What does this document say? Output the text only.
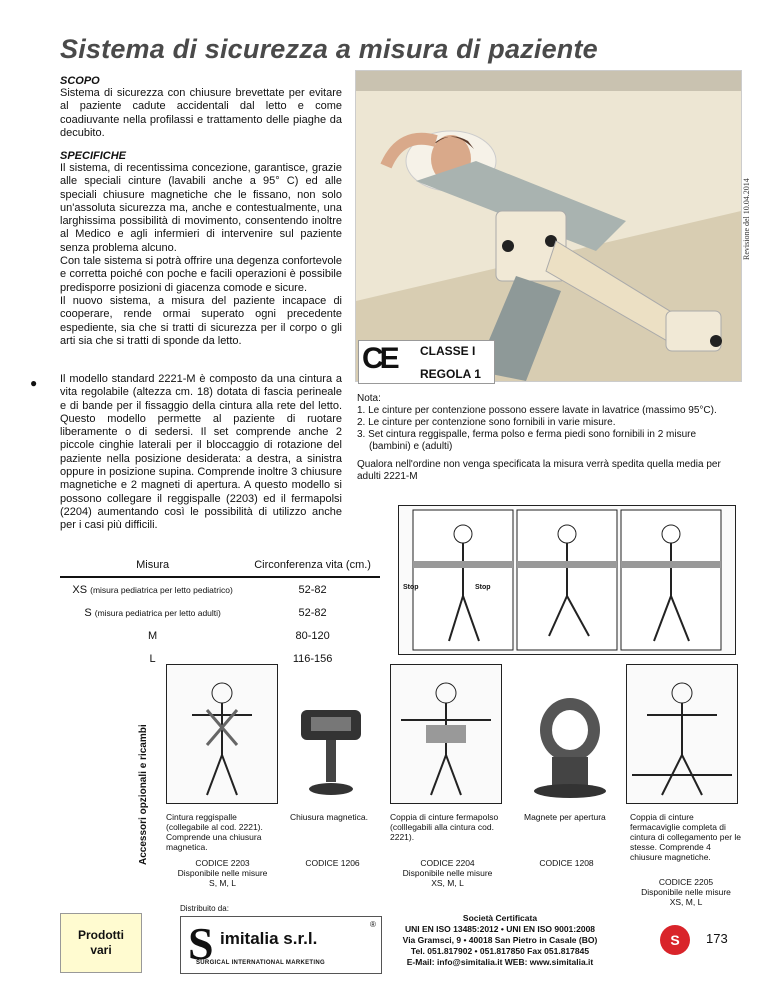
Sistema di sicurezza a misura di paziente
SCOPO
Sistema di sicurezza con chiusure brevettate per evitare al paziente cadute accidentali dal letto e come coadiuvante nella profilassi e trattamento delle piaghe da decubito.
SPECIFICHE
Il sistema, di recentissima concezione, garantisce, grazie alle speciali cinture (lavabili anche a 95° C) ed alle speciali chiusure magnetiche che le fissano, non solo un'assoluta sicurezza ma, anche e contestualmente, una larghissima possibilità di movimento, consentendo inoltre al Medico e agli infermieri di intervenire sul paziente senza problema alcuno.
Con tale sistema si potrà offrire una degenza confortevole e corretta poiché con poche e facili operazioni è possibile predisporre posizioni di giacenza comode e sicure.
Il nuovo sistema, a misura del paziente incapace di cooperare, rende ormai superato ogni precedente espediente, sia che si tratti di sicurezza per il corpo o gli arti sia che si tratti di sponde da letto.
● Il modello standard 2221-M è composto da una cintura a vita regolabile (altezza cm. 18) dotata di fascia perineale e di bande per il fissaggio della cintura alla rete del letto. Questo modello permette al paziente di ruotare liberamente o di sedersi. Il set comprende anche 2 piccole cinghie laterali per il bloccaggio di rotazione del paziente nella posizione desiderata: a destra, a sinistra oppure in posizione supina. Comprende inoltre 3 chiusure magnetiche e 2 magneti di apertura. A questo modello si possono collegare il reggispalle (2203) ed il fermapolsi (2204) aumentando così le possibilità di utilizzo anche per i casi più difficili.
Revisione del 10.04.2014
CE CLASSE I
REGOLA 1
Nota:
1. Le cinture per contenzione possono essere lavate in lavatrice (massimo 95°C).
2. Le cinture per contenzione sono fornibili in varie misure.
3. Set cintura reggispalle, ferma polso e ferma piedi sono fornibili in 2 misure
(bambini) e (adulti)
Qualora nell'ordine non venga specificata la misura verrà spedita quella media per adulti 2221-M
Stop	Stop
Misura	Circonferenza vita (cm.)
XS (misura pediatrica per letto pediatrico)	52-82
S (misura pediatrica per letto adulti)	52-82
M	80-120
L	116-156
Accessori opzionali e ricambi Cintura reggispalle (collegabile al cod. 2221). Comprende una chiusura magnetica.
CODICE 2203
Disponibile nelle misure
S, M, L
Chiusura magnetica.
CODICE 1206
Coppia di cinture fermapolso (colllegabili alla cintura cod. 2221).
CODICE 2204
Disponibile nelle misure
XS, M, L
Magnete per apertura
CODICE 1208
Coppia di cinture fermacaviglie completa di cintura di collegamento per le stesse. Comprende 4 chiusure magnetiche.
CODICE 2205
Disponibile nelle misure
XS, M, L
Prodotti
vari
Distribuito da:
S imitalia s.r.l.
SURGICAL INTERNATIONAL MARKETING
®
Società Certificata
UNI EN ISO 13485:2012 • UNI EN ISO 9001:2008
Via Gramsci, 9 • 40018 San Pietro in Casale (BO)
Tel. 051.817902 • 051.817850 Fax 051.817845
E-Mail: info@simitalia.it WEB: www.simitalia.it
S	173
